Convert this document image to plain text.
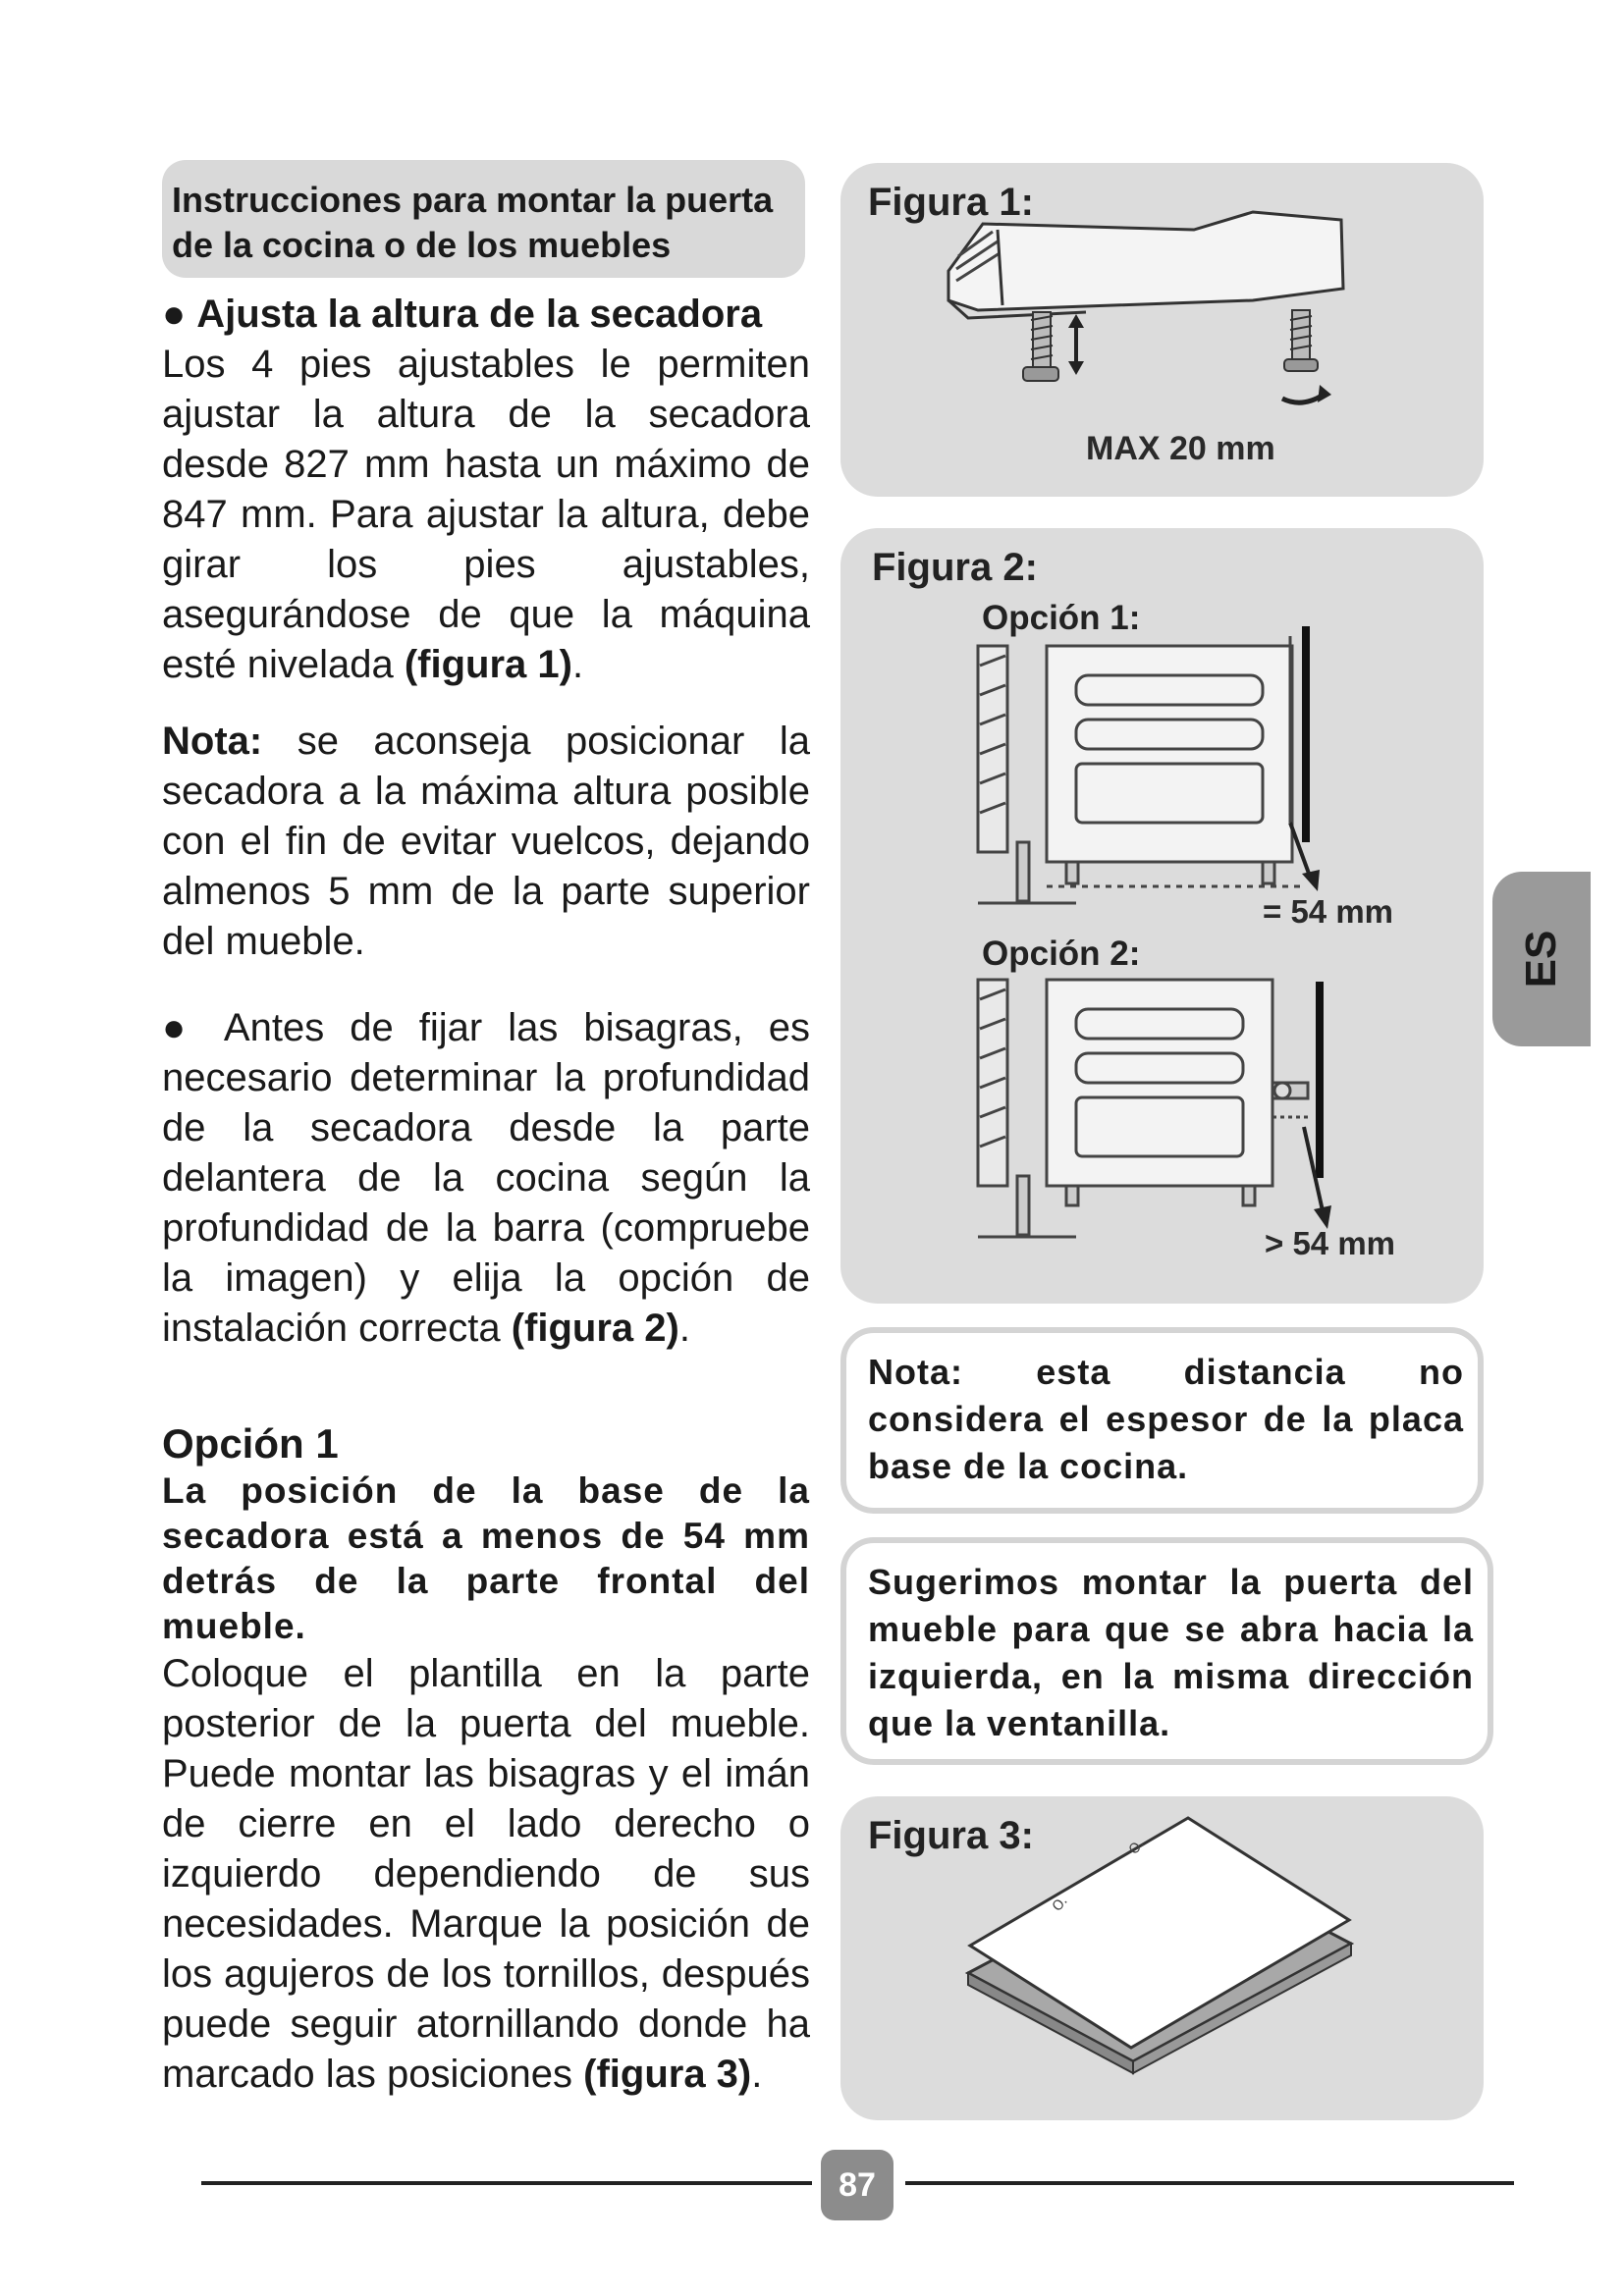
Instrucciones para montar la puerta
de la cocina o de los muebles

● Ajusta la altura de la secadora

Los 4 pies ajustables le permiten ajustar la altura de la secadora desde 827 mm hasta un máximo de 847 mm. Para ajustar la altura, debe girar los pies ajustables, asegurándose de que la máquina esté nivelada (figura 1).

Nota: se aconseja posicionar la secadora a la máxima altura posible con el fin de evitar vuelcos, dejando almenos 5 mm de la parte superior del mueble.

● Antes de fijar las bisagras, es necesario determinar la profundidad de la secadora desde la parte delantera de la cocina según la profundidad de la barra (compruebe la imagen) y elija la opción de instalación correcta (figura 2).

Opción 1

La posición de la base de la secadora está a menos de 54 mm detrás de la parte frontal del mueble.

Coloque el plantilla en la parte posterior de la puerta del mueble. Puede montar las bisagras y el imán de cierre en el lado derecho o izquierdo dependiendo de sus necesidades. Marque la posición de los agujeros de los tornillos, después puede seguir atornillando donde ha marcado las posiciones (figura 3).

Figura 1:
MAX 20 mm
Figura 2:
Opción 1:
= 54 mm
Opción 2:
> 54 mm
Nota: esta distancia no considera el espesor de la placa base de la cocina.
Sugerimos montar la puerta del mueble para que se abra hacia la izquierda, en la misma dirección que la ventanilla.
Figura 3:	O.
O.
ES
87
